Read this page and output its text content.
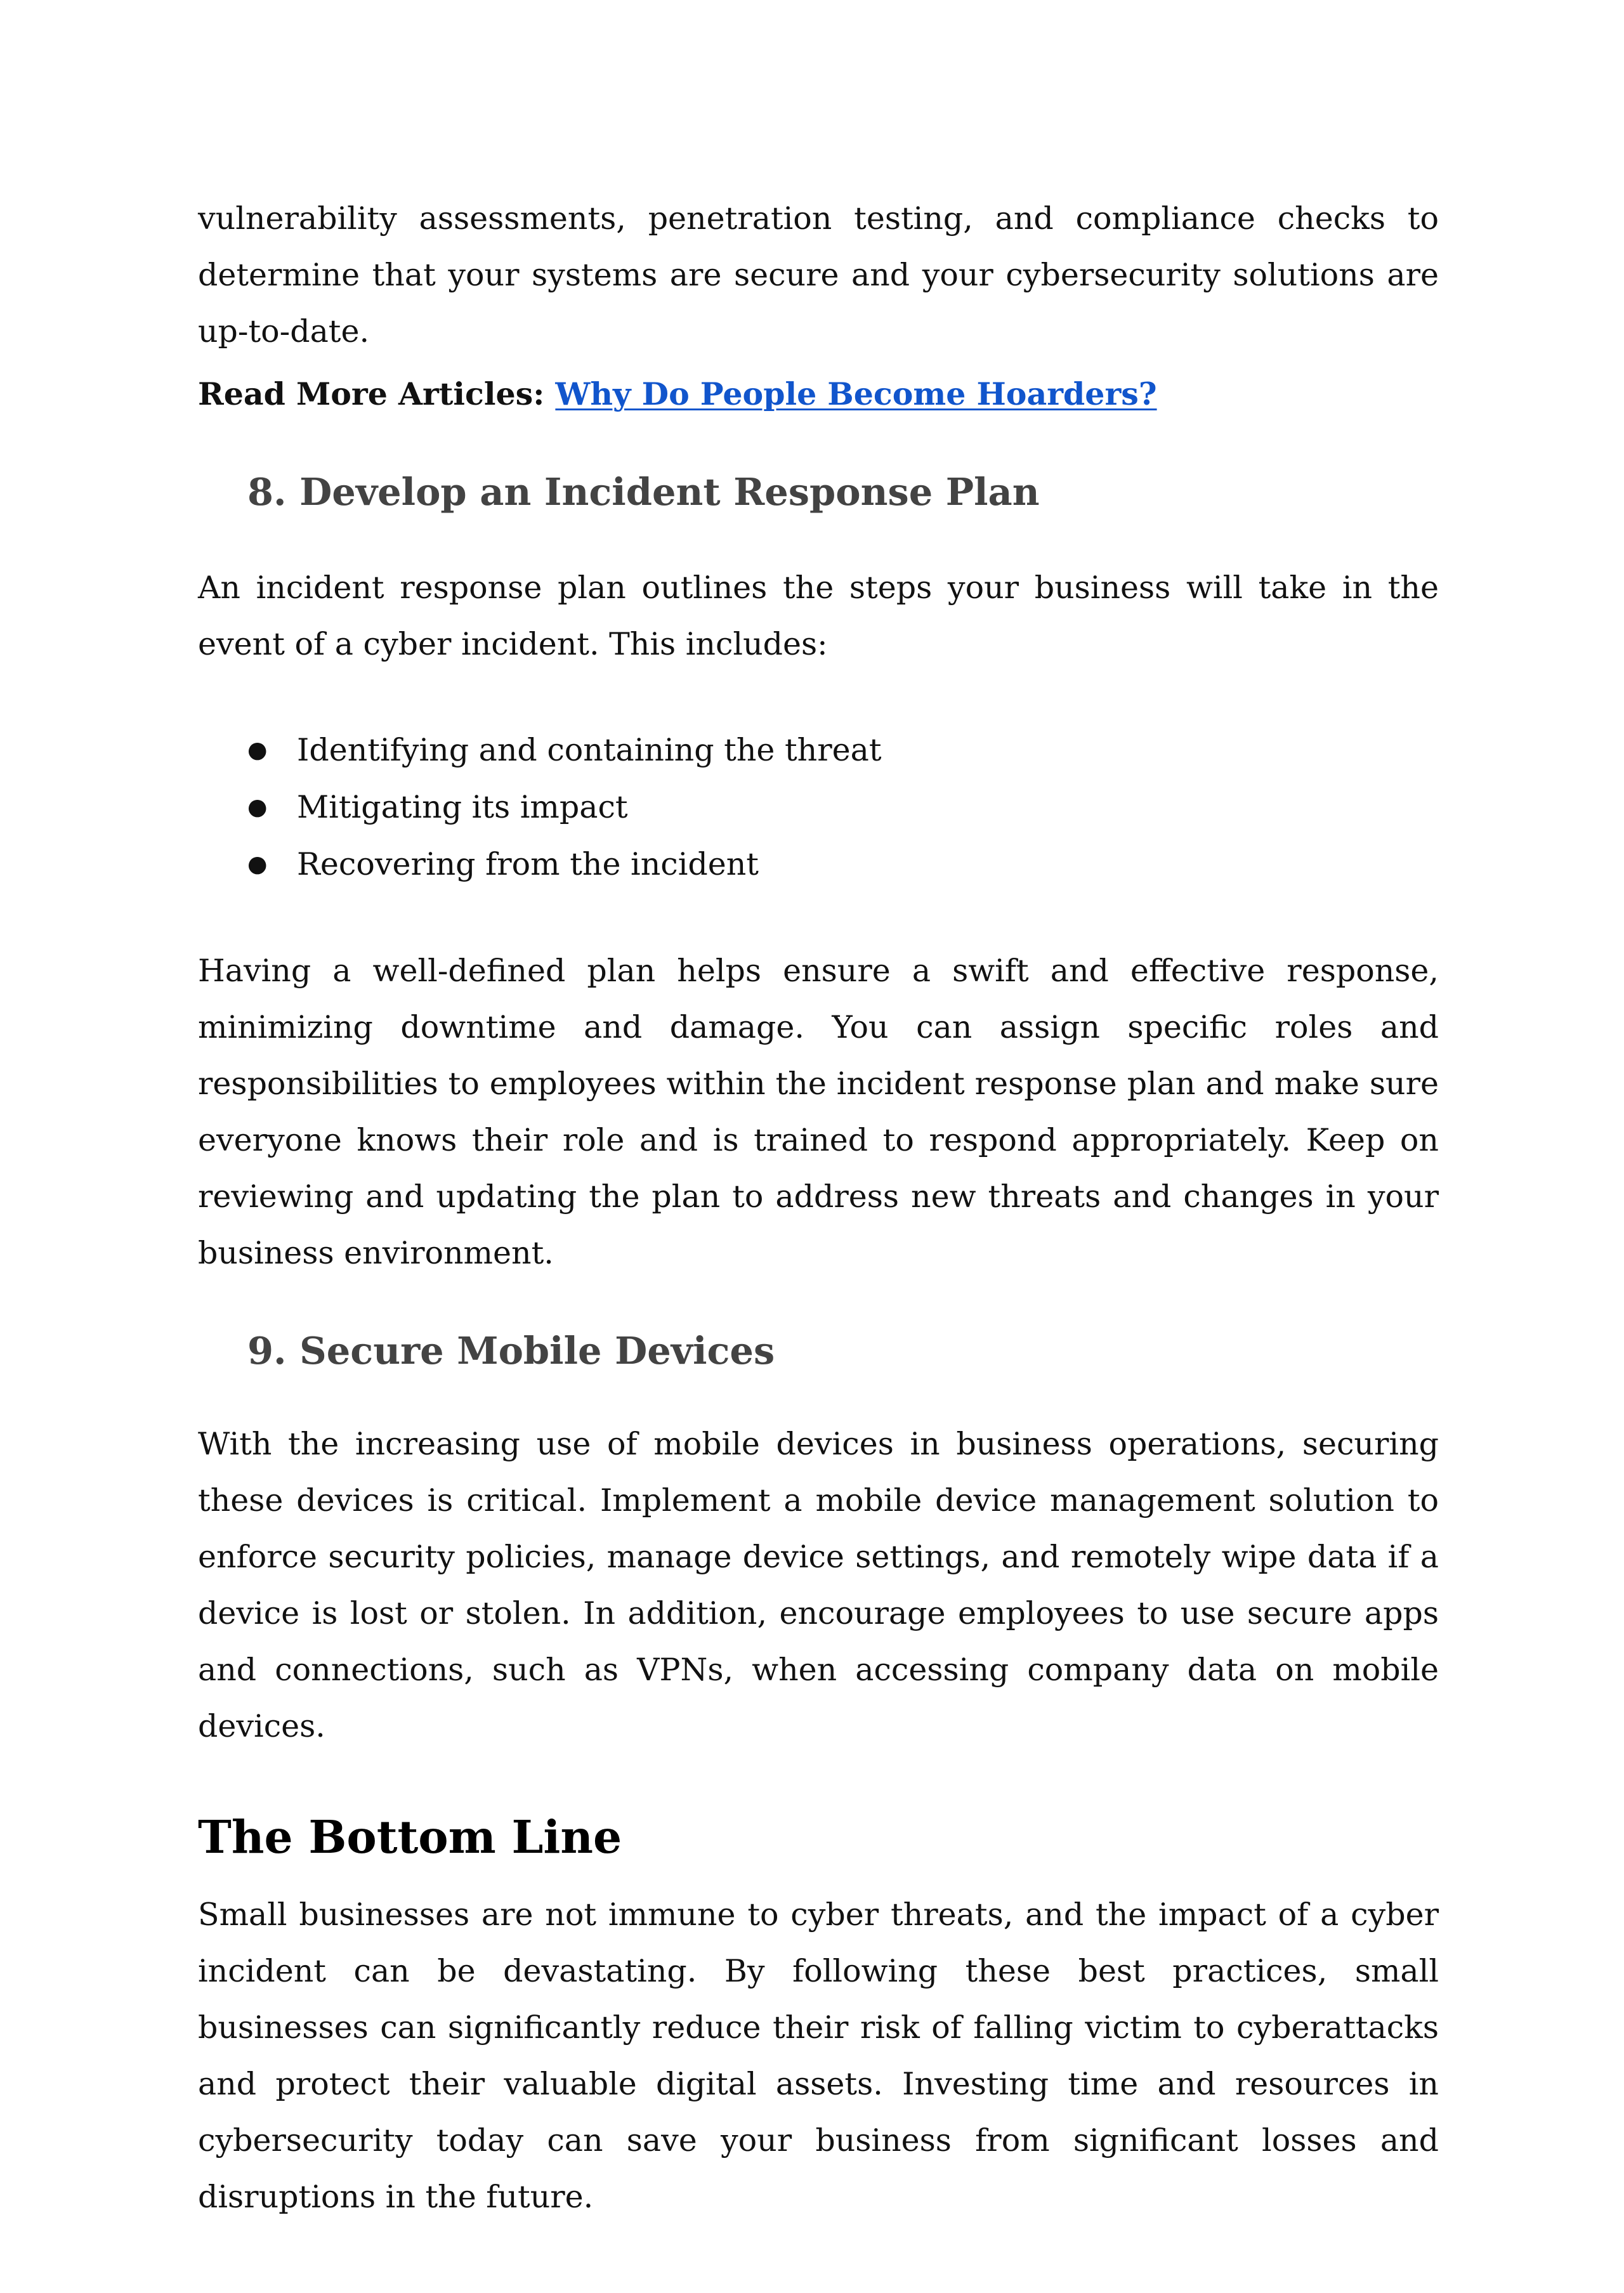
vulnerability assessments, penetration testing, and compliance checks to determine that your systems are secure and your cybersecurity solutions are up-to-date.

Read More Articles: Why Do People Become Hoarders?
8. Develop an Incident Response Plan

An incident response plan outlines the steps your business will take in the event of a cyber incident. This includes:

● Identifying and containing the threat
● Mitigating its impact
● Recovering from the incident

Having a well-defined plan helps ensure a swift and effective response, minimizing downtime and damage. You can assign specific roles and responsibilities to employees within the incident response plan and make sure everyone knows their role and is trained to respond appropriately. Keep on reviewing and updating the plan to address new threats and changes in your business environment.

9. Secure Mobile Devices

With the increasing use of mobile devices in business operations, securing these devices is critical. Implement a mobile device management solution to enforce security policies, manage device settings, and remotely wipe data if a device is lost or stolen. In addition, encourage employees to use secure apps and connections, such as VPNs, when accessing company data on mobile devices.

The Bottom Line

Small businesses are not immune to cyber threats, and the impact of a cyber incident can be devastating. By following these best practices, small businesses can significantly reduce their risk of falling victim to cyberattacks and protect their valuable digital assets. Investing time and resources in cybersecurity today can save your business from significant losses and disruptions in the future.
